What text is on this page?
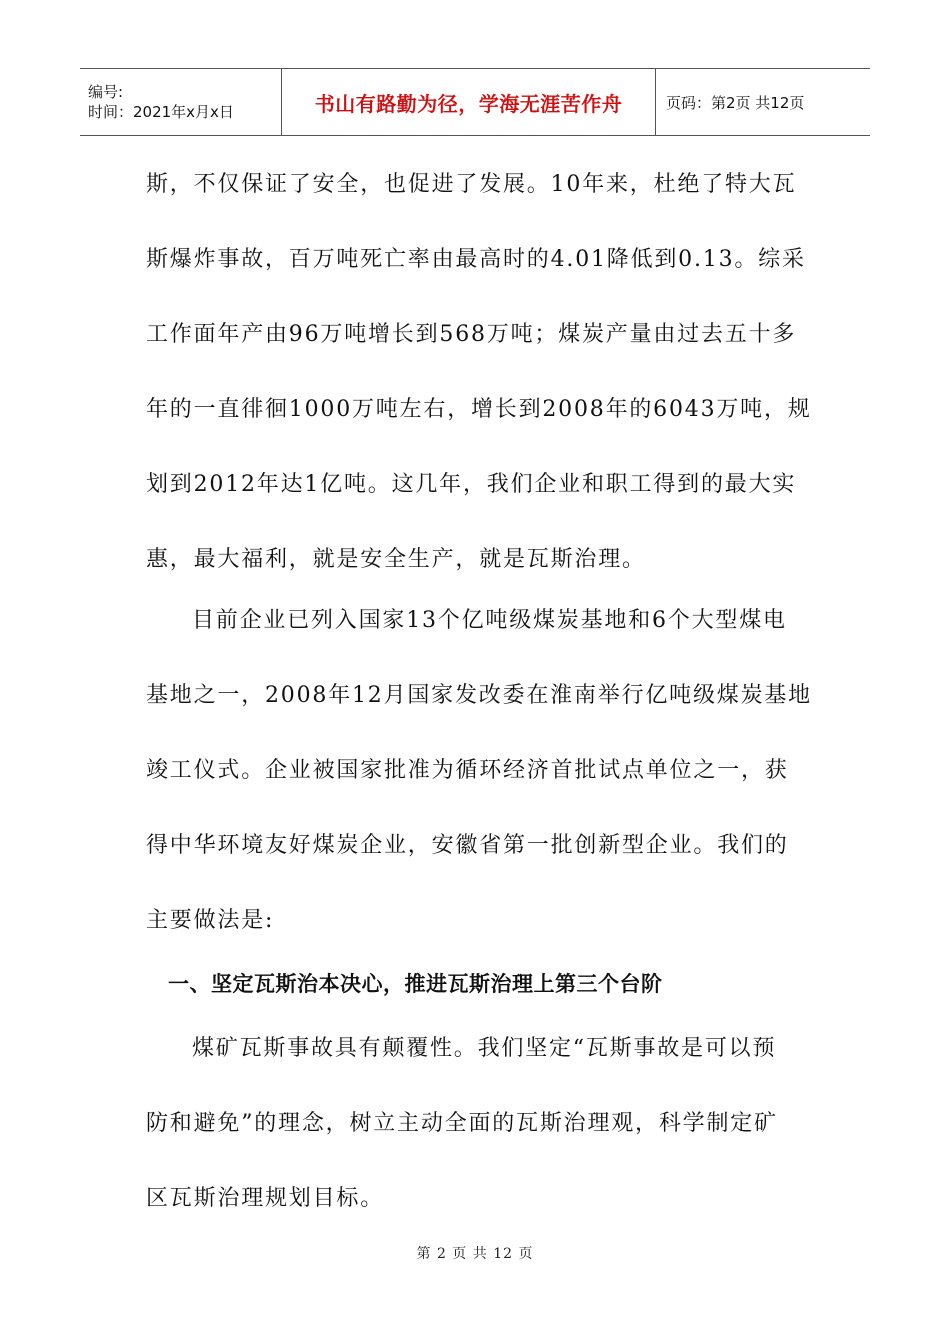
编号:
时间：2021年x月x日	书山有路勤为径，学海无涯苦作舟	页码：第2页 共12页
斯，不仅保证了安全，也促进了发展。10年来，杜绝了特大瓦
斯爆炸事故，百万吨死亡率由最高时的4.01降低到0.13。综采
工作面年产由96万吨增长到568万吨；煤炭产量由过去五十多
年的一直徘徊1000万吨左右，增长到2008年的6043万吨，规
划到2012年达1亿吨。这几年，我们企业和职工得到的最大实
惠，最大福利，就是安全生产，就是瓦斯治理。
目前企业已列入国家13个亿吨级煤炭基地和6个大型煤电
基地之一，2008年12月国家发改委在淮南举行亿吨级煤炭基地
竣工仪式。企业被国家批准为循环经济首批试点单位之一，获
得中华环境友好煤炭企业，安徽省第一批创新型企业。我们的
主要做法是:
一、坚定瓦斯治本决心，推进瓦斯治理上第三个台阶
煤矿瓦斯事故具有颠覆性。我们坚定“瓦斯事故是可以预
防和避免”的理念，树立主动全面的瓦斯治理观，科学制定矿
区瓦斯治理规划目标。
第 2 页 共 12 页
